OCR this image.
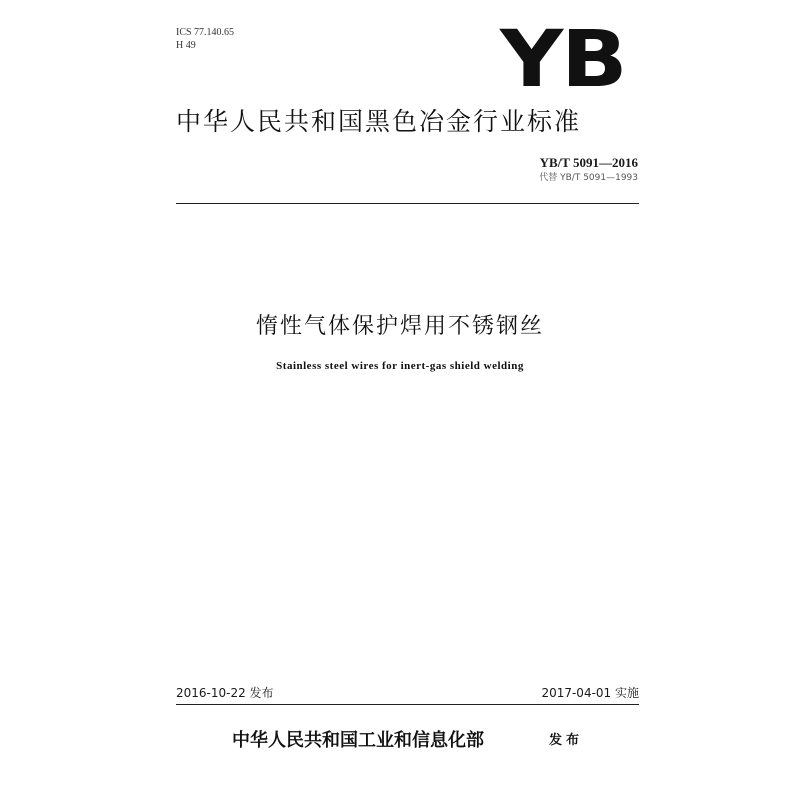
ICS 77.140.65
H 49	YB
中华人民共和国黑色冶金行业标准
YB/T 5091—2016
代替 YB/T 5091—1993
惰性气体保护焊用不锈钢丝
Stainless steel wires for inert-gas shield welding
2016-10-22 发布	2017-04-01 实施
中华人民共和国工业和信息化部	发布
